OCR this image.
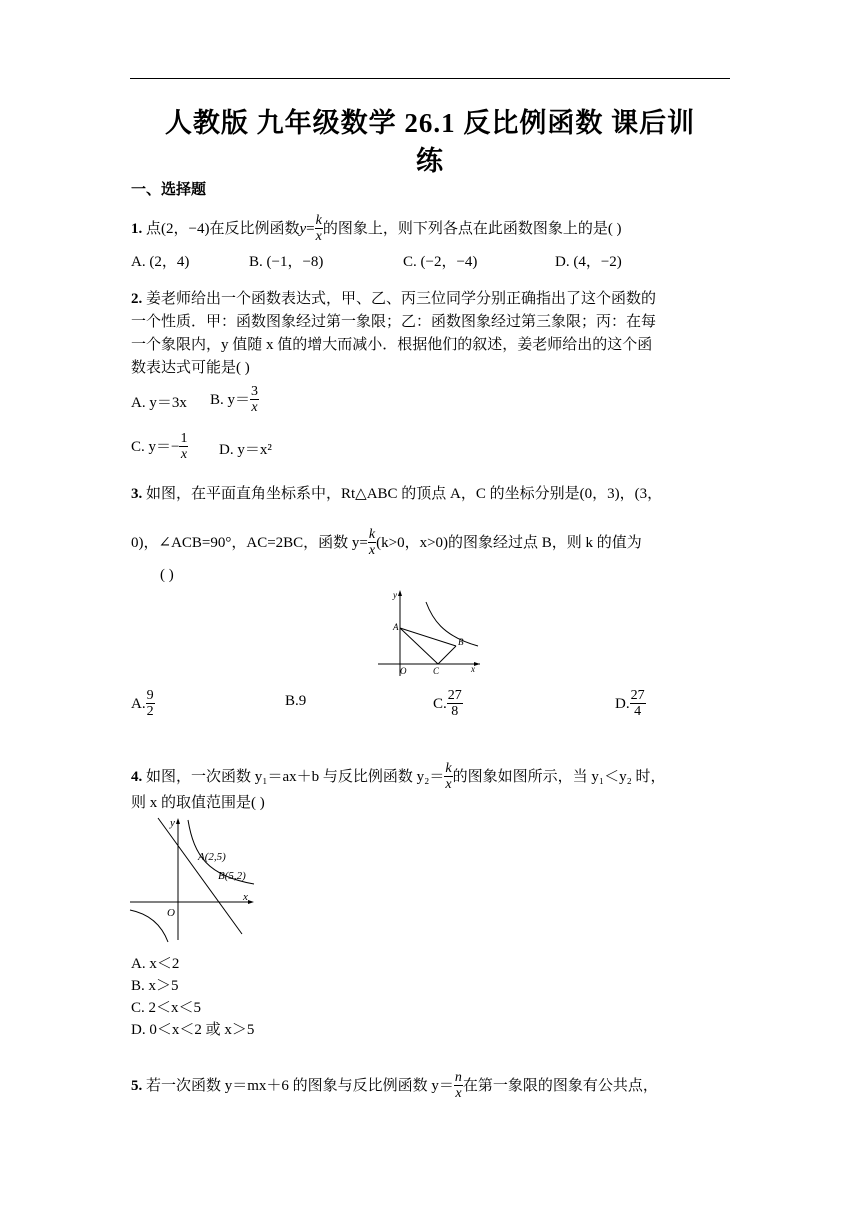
人教版 九年级数学 26.1 反比例函数 课后训
练
一、选择题
1. 点(2，−4)在反比例函数$y= \frac{k}{x}$ 的图象上，则下列各点在此函数图象上的是( )
A. (2，4)	B. (−1，−8)	C. (−2，−4)	D. (4，−2)
2. 姜老师给出一个函数表达式，甲、乙、丙三位同学分别正确指出了这个函数的
一个性质．甲：函数图象经过第一象限；乙：函数图象经过第三象限；丙：在每
一个象限内，y 值随 x 值的增大而减小．根据他们的叙述，姜老师给出的这个函
数表达式可能是( )
A. y＝3x B. $y= \frac{3}{x}$
C. $y=- \frac{1}{x} D$. y＝x²
3. 如图，在平面直角坐标系中，Rt△ABC 的顶点 A，C 的坐标分别是(0，3)，(3，
0)，∠ACB=90°，AC=2BC，函数 $y= \frac{k}{x} (k>0$，x>0)的图象经过点 B，则 k 的值为
( )
y
A
B
O	C	x
A. $\frac{9}{2}$	B.9	C. $\frac{27}{8}$	D. $\frac{27}{4}$
4. 如图，一次函数 y₁＝ax＋b 与反比例函数 $y_2= \frac{k}{x}$ 的图象如图所示，当 y₁＜y₂ 时，
则 x 的取值范围是( )
y
A(2,5)
B(5,2)
O
x
A. x＜2
B. x＞5
C. 2＜x＜5
D. 0＜x＜2 或 x＞5
5. 若一次函数 y＝mx＋6 的图象与反比例函数 $y= \frac{n}{x}$ 在第一象限的图象有公共点，
